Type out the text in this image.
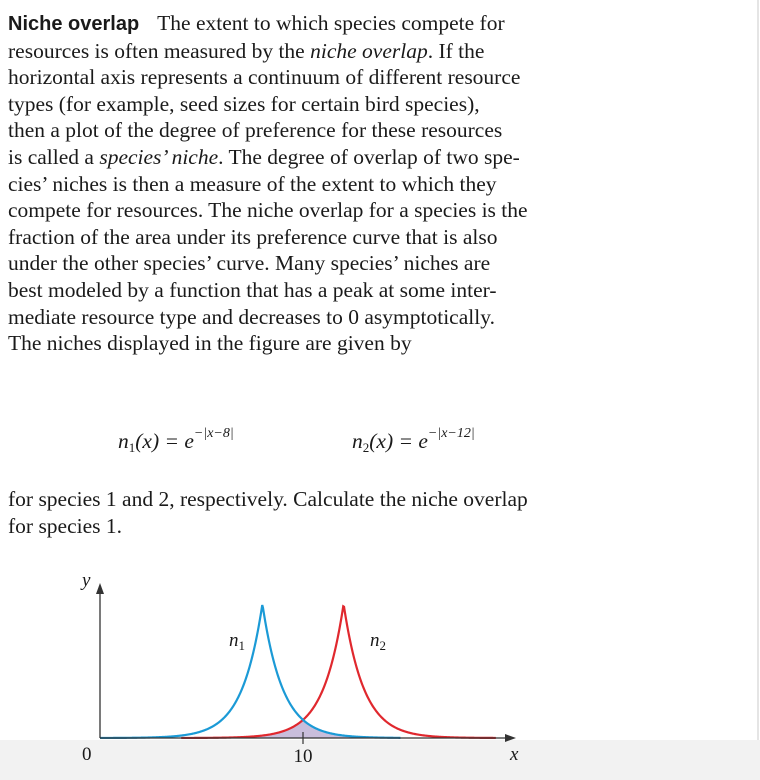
Niche overlap The extent to which species compete for
resources is often measured by the niche overlap. If the
horizontal axis represents a continuum of different resource
types (for example, seed sizes for certain bird species),
then a plot of the degree of preference for these resources
is called a species’ niche. The degree of overlap of two spe-
cies’ niches is then a measure of the extent to which they
compete for resources. The niche overlap for a species is the
fraction of the area under its preference curve that is also
under the other species’ curve. Many species’ niches are
best modeled by a function that has a peak at some inter-
mediate resource type and decreases to 0 asymptotically.
The niches displayed in the figure are given by
$n_1(x) = e^{-|x-8|}$	$n_2(x) = e^{-|x-12|}$
for species 1 and 2, respectively. Calculate the niche overlap
for species 1.
y
x
0	10
$n_1$	$n_2$
